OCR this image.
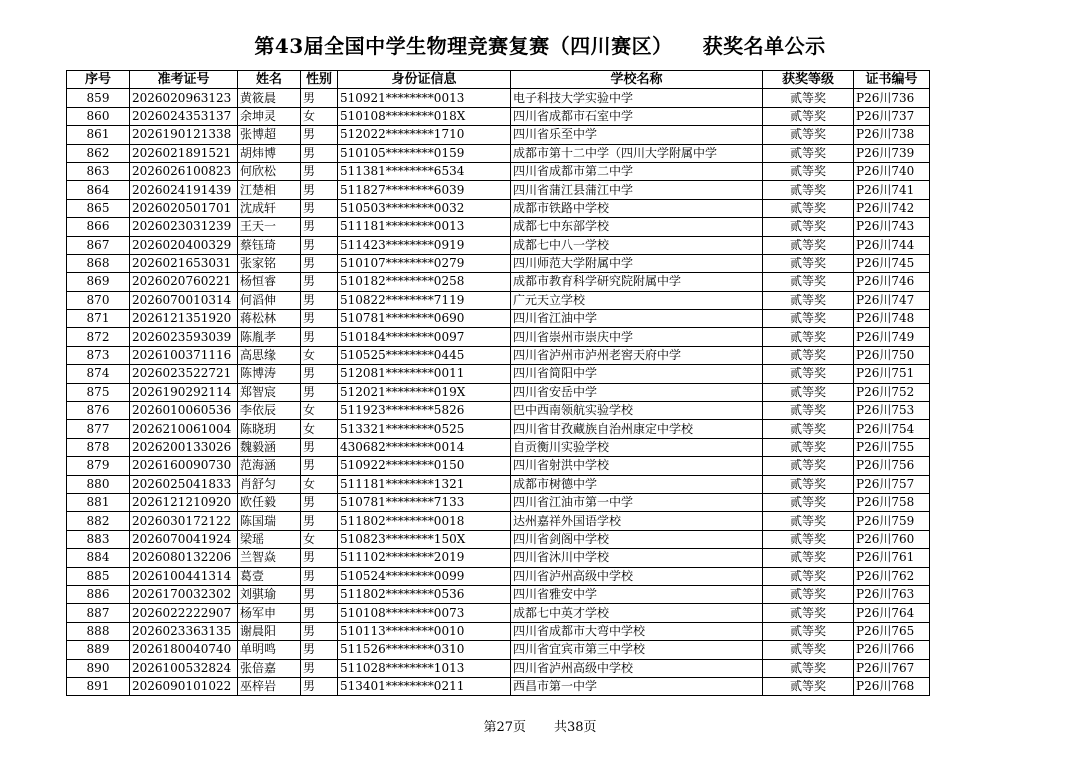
第43届全国中学生物理竞赛复赛（四川赛区） 获奖名单公示
序号	准考证号	姓名	性别	身份证信息	学校名称	获奖等级	证书编号
859	2026020963123	黄筱晨	男	510921********0013	电子科技大学实验中学	贰等奖	P26川736
860	2026024353137	余坤灵	女	510108********018X	四川省成都市石室中学	贰等奖	P26川737
861	2026190121338	张博超	男	512022********1710	四川省乐至中学	贰等奖	P26川738
862	2026021891521	胡炜博	男	510105********0159	成都市第十二中学（四川大学附属中学	贰等奖	P26川739
863	2026026100823	何欣松	男	511381********6534	四川省成都市第二中学	贰等奖	P26川740
864	2026024191439	江楚相	男	511827********6039	四川省蒲江县蒲江中学	贰等奖	P26川741
865	2026020501701	沈成轩	男	510503********0032	成都市铁路中学校	贰等奖	P26川742
866	2026023031239	王天一	男	511181********0013	成都七中东部学校	贰等奖	P26川743
867	2026020400329	蔡钰琦	男	511423********0919	成都七中八一学校	贰等奖	P26川744
868	2026021653031	张家铭	男	510107********0279	四川师范大学附属中学	贰等奖	P26川745
869	2026020760221	杨恒睿	男	510182********0258	成都市教育科学研究院附属中学	贰等奖	P26川746
870	2026070010314	何滔伸	男	510822********7119	广元天立学校	贰等奖	P26川747
871	2026121351920	蒋松林	男	510781********0690	四川省江油中学	贰等奖	P26川748
872	2026023593039	陈胤孝	男	510184********0097	四川省崇州市崇庆中学	贰等奖	P26川749
873	2026100371116	高思缘	女	510525********0445	四川省泸州市泸州老窖天府中学	贰等奖	P26川750
874	2026023522721	陈博涛	男	512081********0011	四川省简阳中学	贰等奖	P26川751
875	2026190292114	郑智宸	男	512021********019X	四川省安岳中学	贰等奖	P26川752
876	2026010060536	李依辰	女	511923********5826	巴中西南领航实验学校	贰等奖	P26川753
877	2026210061004	陈晓玥	女	513321********0525	四川省甘孜藏族自治州康定中学校	贰等奖	P26川754
878	2026200133026	魏毅涵	男	430682********0014	自贡衡川实验学校	贰等奖	P26川755
879	2026160090730	范海涵	男	510922********0150	四川省射洪中学校	贰等奖	P26川756
880	2026025041833	肖舒匀	女	511181********1321	成都市树德中学	贰等奖	P26川757
881	2026121210920	欧任毅	男	510781********7133	四川省江油市第一中学	贰等奖	P26川758
882	2026030172122	陈国瑞	男	511802********0018	达州嘉祥外国语学校	贰等奖	P26川759
883	2026070041924	梁瑶	女	510823********150X	四川省剑阁中学校	贰等奖	P26川760
884	2026080132206	兰智焱	男	511102********2019	四川省沐川中学校	贰等奖	P26川761
885	2026100441314	葛壹	男	510524********0099	四川省泸州高级中学校	贰等奖	P26川762
886	2026170032302	刘骐瑜	男	511802********0536	四川省雅安中学	贰等奖	P26川763
887	2026022222907	杨军申	男	510108********0073	成都七中英才学校	贰等奖	P26川764
888	2026023363135	谢晨阳	男	510113********0010	四川省成都市大弯中学校	贰等奖	P26川765
889	2026180040740	单明鸣	男	511526********0310	四川省宜宾市第三中学校	贰等奖	P26川766
890	2026100532824	张倍嘉	男	511028********1013	四川省泸州高级中学校	贰等奖	P26川767
891	2026090101022	巫梓岩	男	513401********0211	西昌市第一中学	贰等奖	P26川768
第27页 共38页
